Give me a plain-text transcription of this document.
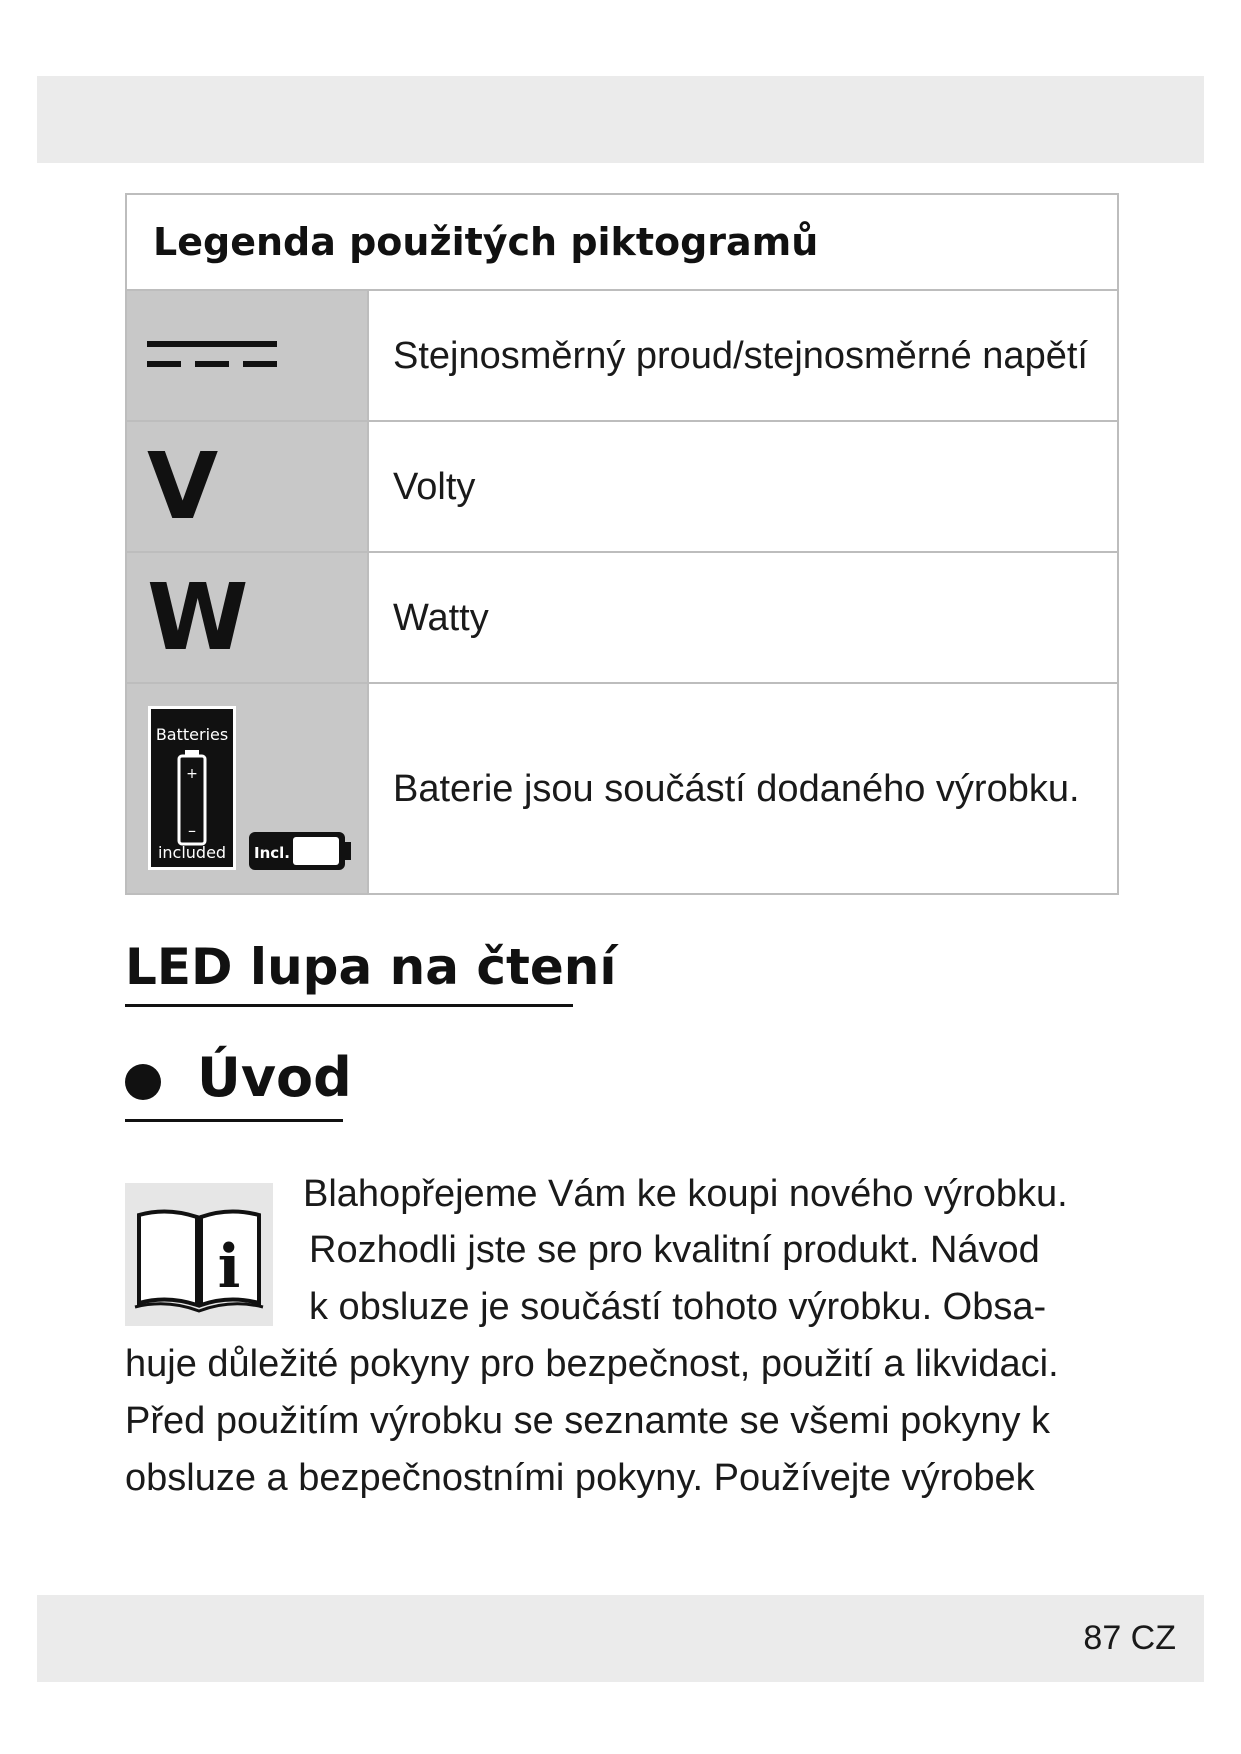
Legenda použitých piktogramů
Stejnosměrný proud/stejnosměrné napětí
V	Volty
W	Watty
Batteries
+
–
included Incl.
Baterie jsou součástí dodaného výrobku.
LED lupa na čtení
Úvod
i
Blahopřejeme Vám ke koupi nového výrobku.
Rozhodli jste se pro kvalitní produkt. Návod
k obsluze je součástí tohoto výrobku. Obsa-
huje důležité pokyny pro bezpečnost, použití a likvidaci.
Před použitím výrobku se seznamte se všemi pokyny k
obsluze a bezpečnostními pokyny. Používejte výrobek
87 CZ
